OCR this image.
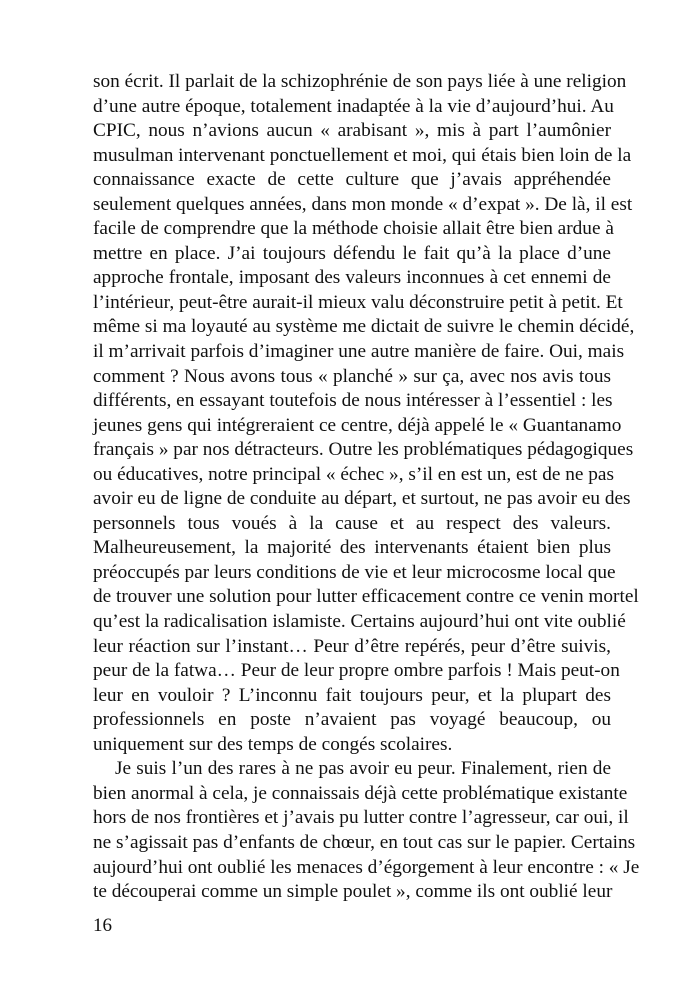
son écrit. Il parlait de la schizophrénie de son pays liée à une religion
d’une autre époque, totalement inadaptée à la vie d’aujourd’hui. Au
CPIC, nous n’avions aucun « arabisant », mis à part l’aumônier
musulman intervenant ponctuellement et moi, qui étais bien loin de la
connaissance exacte de cette culture que j’avais appréhendée
seulement quelques années, dans mon monde « d’expat ». De là, il est
facile de comprendre que la méthode choisie allait être bien ardue à
mettre en place. J’ai toujours défendu le fait qu’à la place d’une
approche frontale, imposant des valeurs inconnues à cet ennemi de
l’intérieur, peut-être aurait-il mieux valu déconstruire petit à petit. Et
même si ma loyauté au système me dictait de suivre le chemin décidé,
il m’arrivait parfois d’imaginer une autre manière de faire. Oui, mais
comment ? Nous avons tous « planché » sur ça, avec nos avis tous
différents, en essayant toutefois de nous intéresser à l’essentiel : les
jeunes gens qui intégreraient ce centre, déjà appelé le « Guantanamo
français » par nos détracteurs. Outre les problématiques pédagogiques
ou éducatives, notre principal « échec », s’il en est un, est de ne pas
avoir eu de ligne de conduite au départ, et surtout, ne pas avoir eu des
personnels tous voués à la cause et au respect des valeurs.
Malheureusement, la majorité des intervenants étaient bien plus
préoccupés par leurs conditions de vie et leur microcosme local que
de trouver une solution pour lutter efficacement contre ce venin mortel
qu’est la radicalisation islamiste. Certains aujourd’hui ont vite oublié
leur réaction sur l’instant… Peur d’être repérés, peur d’être suivis,
peur de la fatwa… Peur de leur propre ombre parfois ! Mais peut-on
leur en vouloir ? L’inconnu fait toujours peur, et la plupart des
professionnels en poste n’avaient pas voyagé beaucoup, ou
uniquement sur des temps de congés scolaires.
Je suis l’un des rares à ne pas avoir eu peur. Finalement, rien de
bien anormal à cela, je connaissais déjà cette problématique existante
hors de nos frontières et j’avais pu lutter contre l’agresseur, car oui, il
ne s’agissait pas d’enfants de chœur, en tout cas sur le papier. Certains
aujourd’hui ont oublié les menaces d’égorgement à leur encontre : « Je
te découperai comme un simple poulet », comme ils ont oublié leur
16
